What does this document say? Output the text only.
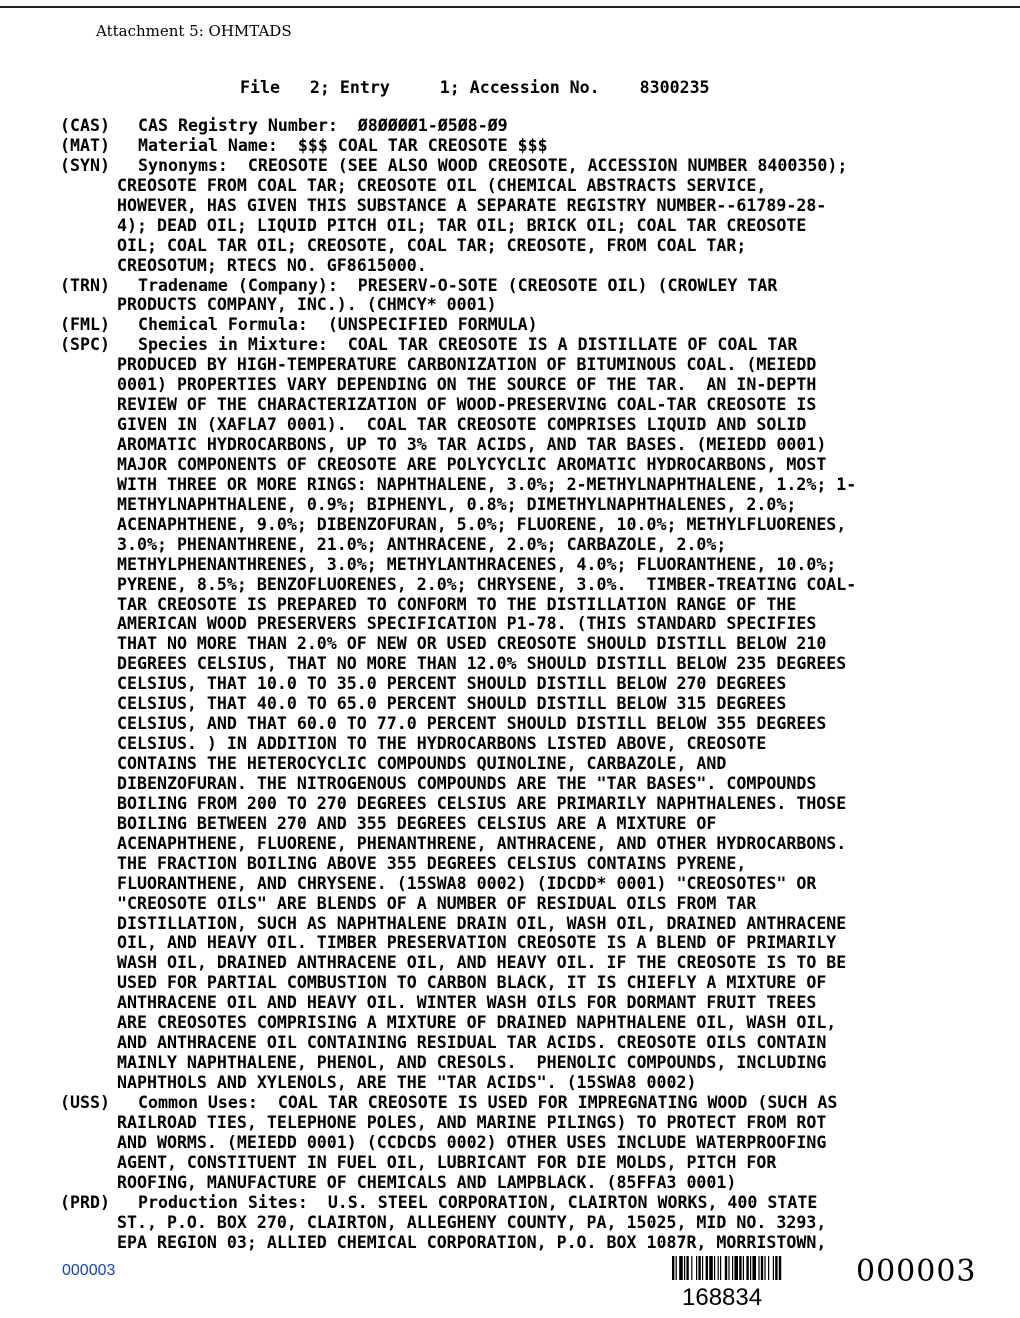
Attachment 5: OHMTADS
File   2; Entry     1; Accession No.    8300235
(CAS) CAS Registry Number:  Ø8ØØØØ1-Ø5Ø8-Ø9
(MAT) Material Name:  $$$ COAL TAR CREOSOTE $$$
(SYN) Synonyms:  CREOSOTE (SEE ALSO WOOD CREOSOTE, ACCESSION NUMBER 8400350);
CREOSOTE FROM COAL TAR; CREOSOTE OIL (CHEMICAL ABSTRACTS SERVICE,
HOWEVER, HAS GIVEN THIS SUBSTANCE A SEPARATE REGISTRY NUMBER--61789-28-
4); DEAD OIL; LIQUID PITCH OIL; TAR OIL; BRICK OIL; COAL TAR CREOSOTE
OIL; COAL TAR OIL; CREOSOTE, COAL TAR; CREOSOTE, FROM COAL TAR;
CREOSOTUM; RTECS NO. GF8615000.
(TRN) Tradename (Company):  PRESERV-O-SOTE (CREOSOTE OIL) (CROWLEY TAR
PRODUCTS COMPANY, INC.). (CHMCY* 0001)
(FML) Chemical Formula:  (UNSPECIFIED FORMULA)
(SPC) Species in Mixture:  COAL TAR CREOSOTE IS A DISTILLATE OF COAL TAR
PRODUCED BY HIGH-TEMPERATURE CARBONIZATION OF BITUMINOUS COAL. (MEIEDD
0001) PROPERTIES VARY DEPENDING ON THE SOURCE OF THE TAR.  AN IN-DEPTH
REVIEW OF THE CHARACTERIZATION OF WOOD-PRESERVING COAL-TAR CREOSOTE IS
GIVEN IN (XAFLA7 0001).  COAL TAR CREOSOTE COMPRISES LIQUID AND SOLID
AROMATIC HYDROCARBONS, UP TO 3% TAR ACIDS, AND TAR BASES. (MEIEDD 0001)
MAJOR COMPONENTS OF CREOSOTE ARE POLYCYCLIC AROMATIC HYDROCARBONS, MOST
WITH THREE OR MORE RINGS: NAPHTHALENE, 3.0%; 2-METHYLNAPHTHALENE, 1.2%; 1-
METHYLNAPHTHALENE, 0.9%; BIPHENYL, 0.8%; DIMETHYLNAPHTHALENES, 2.0%;
ACENAPHTHENE, 9.0%; DIBENZOFURAN, 5.0%; FLUORENE, 10.0%; METHYLFLUORENES,
3.0%; PHENANTHRENE, 21.0%; ANTHRACENE, 2.0%; CARBAZOLE, 2.0%;
METHYLPHENANTHRENES, 3.0%; METHYLANTHRACENES, 4.0%; FLUORANTHENE, 10.0%;
PYRENE, 8.5%; BENZOFLUORENES, 2.0%; CHRYSENE, 3.0%.  TIMBER-TREATING COAL-
TAR CREOSOTE IS PREPARED TO CONFORM TO THE DISTILLATION RANGE OF THE
AMERICAN WOOD PRESERVERS SPECIFICATION P1-78. (THIS STANDARD SPECIFIES
THAT NO MORE THAN 2.0% OF NEW OR USED CREOSOTE SHOULD DISTILL BELOW 210
DEGREES CELSIUS, THAT NO MORE THAN 12.0% SHOULD DISTILL BELOW 235 DEGREES
CELSIUS, THAT 10.0 TO 35.0 PERCENT SHOULD DISTILL BELOW 270 DEGREES
CELSIUS, THAT 40.0 TO 65.0 PERCENT SHOULD DISTILL BELOW 315 DEGREES
CELSIUS, AND THAT 60.0 TO 77.0 PERCENT SHOULD DISTILL BELOW 355 DEGREES
CELSIUS. ) IN ADDITION TO THE HYDROCARBONS LISTED ABOVE, CREOSOTE
CONTAINS THE HETEROCYCLIC COMPOUNDS QUINOLINE, CARBAZOLE, AND
DIBENZOFURAN. THE NITROGENOUS COMPOUNDS ARE THE "TAR BASES". COMPOUNDS
BOILING FROM 200 TO 270 DEGREES CELSIUS ARE PRIMARILY NAPHTHALENES. THOSE
BOILING BETWEEN 270 AND 355 DEGREES CELSIUS ARE A MIXTURE OF
ACENAPHTHENE, FLUORENE, PHENANTHRENE, ANTHRACENE, AND OTHER HYDROCARBONS.
THE FRACTION BOILING ABOVE 355 DEGREES CELSIUS CONTAINS PYRENE,
FLUORANTHENE, AND CHRYSENE. (15SWA8 0002) (IDCDD* 0001) "CREOSOTES" OR
"CREOSOTE OILS" ARE BLENDS OF A NUMBER OF RESIDUAL OILS FROM TAR
DISTILLATION, SUCH AS NAPHTHALENE DRAIN OIL, WASH OIL, DRAINED ANTHRACENE
OIL, AND HEAVY OIL. TIMBER PRESERVATION CREOSOTE IS A BLEND OF PRIMARILY
WASH OIL, DRAINED ANTHRACENE OIL, AND HEAVY OIL. IF THE CREOSOTE IS TO BE
USED FOR PARTIAL COMBUSTION TO CARBON BLACK, IT IS CHIEFLY A MIXTURE OF
ANTHRACENE OIL AND HEAVY OIL. WINTER WASH OILS FOR DORMANT FRUIT TREES
ARE CREOSOTES COMPRISING A MIXTURE OF DRAINED NAPHTHALENE OIL, WASH OIL,
AND ANTHRACENE OIL CONTAINING RESIDUAL TAR ACIDS. CREOSOTE OILS CONTAIN
MAINLY NAPHTHALENE, PHENOL, AND CRESOLS.  PHENOLIC COMPOUNDS, INCLUDING
NAPHTHOLS AND XYLENOLS, ARE THE "TAR ACIDS". (15SWA8 0002)
(USS) Common Uses:  COAL TAR CREOSOTE IS USED FOR IMPREGNATING WOOD (SUCH AS
RAILROAD TIES, TELEPHONE POLES, AND MARINE PILINGS) TO PROTECT FROM ROT
AND WORMS. (MEIEDD 0001) (CCDCDS 0002) OTHER USES INCLUDE WATERPROOFING
AGENT, CONSTITUENT IN FUEL OIL, LUBRICANT FOR DIE MOLDS, PITCH FOR
ROOFING, MANUFACTURE OF CHEMICALS AND LAMPBLACK. (85FFA3 0001)
(PRD) Production Sites:  U.S. STEEL CORPORATION, CLAIRTON WORKS, 400 STATE
ST., P.O. BOX 270, CLAIRTON, ALLEGHENY COUNTY, PA, 15025, MID NO. 3293,
EPA REGION 03; ALLIED CHEMICAL CORPORATION, P.O. BOX 1087R, MORRISTOWN,
000003	000003
168834
